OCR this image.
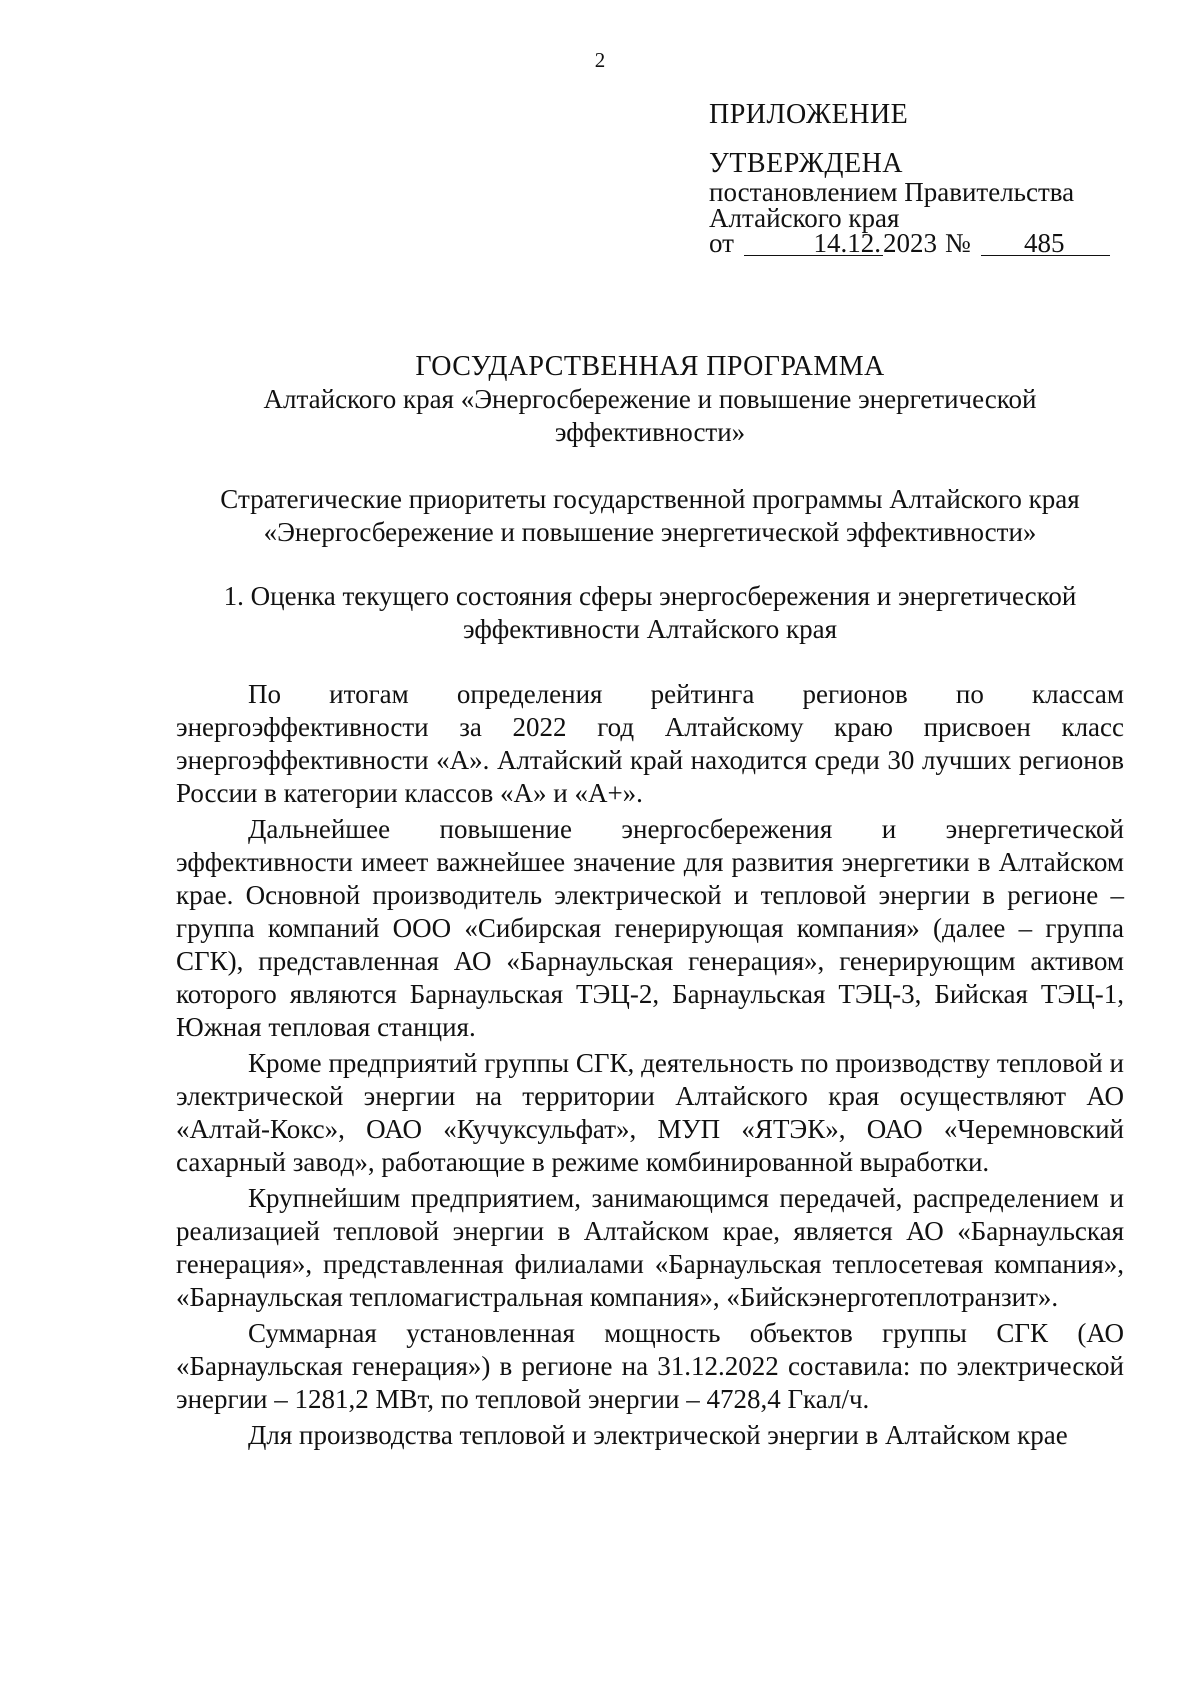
2
ПРИЛОЖЕНИЕ
УТВЕРЖДЕНА
постановлением Правительства
Алтайского края
от	14.12. 2023 №	485
ГОСУДАРСТВЕННАЯ ПРОГРАММА
Алтайского края «Энергосбережение и повышение энергетической
эффективности»
Стратегические приоритеты государственной программы Алтайского края
«Энергосбережение и повышение энергетической эффективности»
1. Оценка текущего состояния сферы энергосбережения и энергетической
эффективности Алтайского края

По итогам определения рейтинга регионов по классам энергоэффективности за 2022 год Алтайскому краю присвоен класс энергоэффективности «А». Алтайский край находится среди 30 лучших регионов России в категории классов «А» и «А+».

Дальнейшее повышение энергосбережения и энергетической эффективности имеет важнейшее значение для развития энергетики в Алтайском крае. Основной производитель электрической и тепловой энергии в регионе – группа компаний ООО «Сибирская генерирующая компания» (далее – группа СГК), представленная АО «Барнаульская генерация», генерирующим активом которого являются Барнаульская ТЭЦ-2, Барнаульская ТЭЦ-3, Бийская ТЭЦ-1, Южная тепловая станция.

Кроме предприятий группы СГК, деятельность по производству тепловой и электрической энергии на территории Алтайского края осуществляют АО «Алтай-Кокс», ОАО «Кучуксульфат», МУП «ЯТЭК», ОАО «Черемновский сахарный завод», работающие в режиме комбинированной выработки.

Крупнейшим предприятием, занимающимся передачей, распределением и реализацией тепловой энергии в Алтайском крае, является АО «Барнаульская генерация», представленная филиалами «Барнаульская теплосетевая компания», «Барнаульская тепломагистральная компания», «Бийскэнерготеплотранзит».

Суммарная установленная мощность объектов группы СГК (АО «Барнаульская генерация») в регионе на 31.12.2022 составила: по электрической энергии – 1281,2 МВт, по тепловой энергии – 4728,4 Гкал/ч.

Для производства тепловой и электрической энергии в Алтайском крае
